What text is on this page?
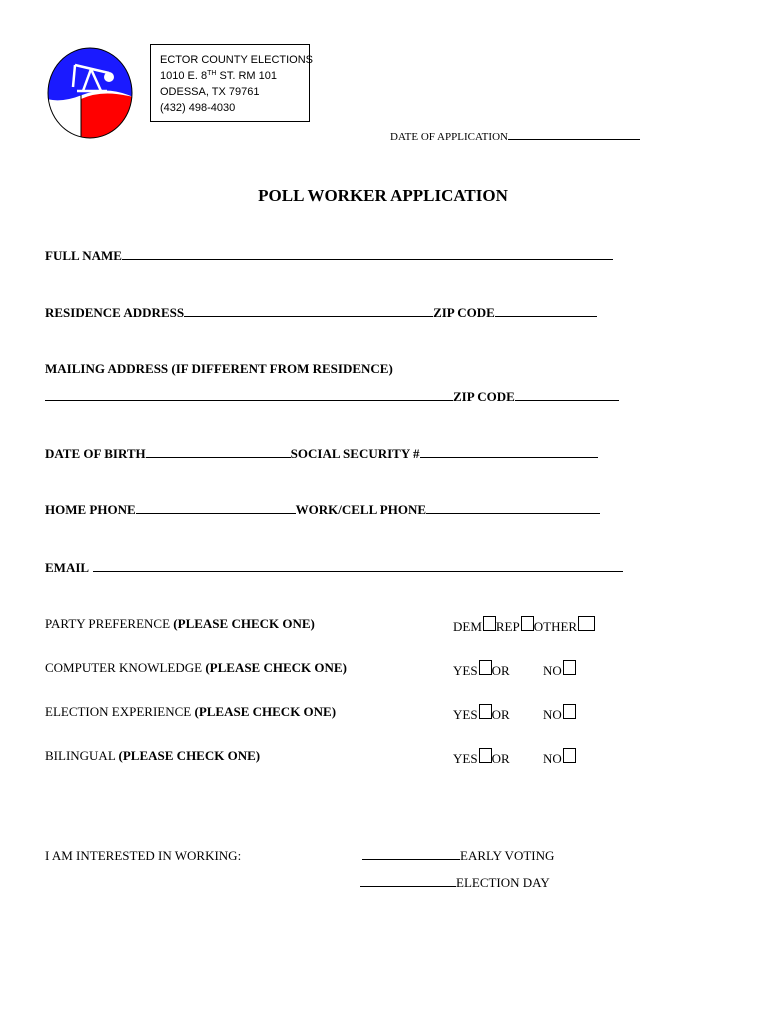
ECTOR COUNTY ELECTIONS
1010 E. 8TH ST. RM 101
ODESSA, TX 79761
(432) 498-4030
DATE OF APPLICATION
POLL WORKER APPLICATION
FULL NAME
RESIDENCE ADDRESS	ZIP CODE
MAILING ADDRESS (IF DIFFERENT FROM RESIDENCE)
ZIP CODE
DATE OF BIRTH	SOCIAL SECURITY #
HOME PHONE	WORK/CELL PHONE
EMAIL
PARTY PREFERENCE (PLEASE CHECK ONE)	DEM REP OTHER
COMPUTER KNOWLEDGE (PLEASE CHECK ONE)	YES OR	NO
ELECTION EXPERIENCE (PLEASE CHECK ONE)	YES OR	NO
BILINGUAL (PLEASE CHECK ONE)	YES OR	NO
I AM INTERESTED IN WORKING:	EARLY VOTING
ELECTION DAY
